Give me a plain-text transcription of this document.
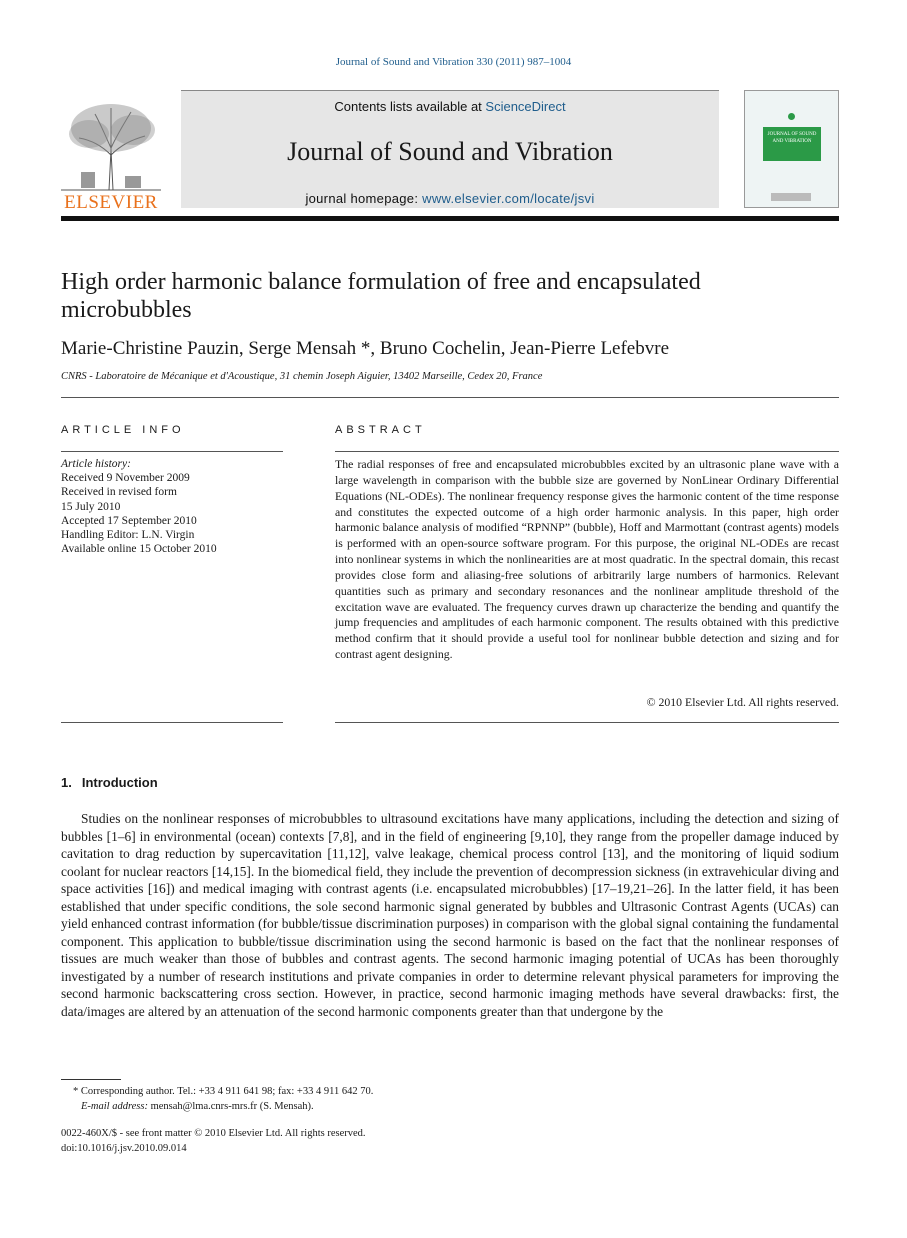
Journal of Sound and Vibration 330 (2011) 987–1004
ELSEVIER
Contents lists available at ScienceDirect
Journal of Sound and Vibration
journal homepage: www.elsevier.com/locate/jsvi
JOURNAL OF SOUND AND VIBRATION
High order harmonic balance formulation of free and encapsulated microbubbles
Marie-Christine Pauzin, Serge Mensah *, Bruno Cochelin, Jean-Pierre Lefebvre
CNRS - Laboratoire de Mécanique et d'Acoustique, 31 chemin Joseph Aiguier, 13402 Marseille, Cedex 20, France
ARTICLE INFO	ABSTRACT
Article history:
Received 9 November 2009
Received in revised form
15 July 2010
Accepted 17 September 2010
Handling Editor: L.N. Virgin
Available online 15 October 2010
The radial responses of free and encapsulated microbubbles excited by an ultrasonic plane wave with a large wavelength in comparison with the bubble size are governed by NonLinear Ordinary Differential Equations (NL-ODEs). The nonlinear frequency response gives the harmonic content of the time response and constitutes the expected outcome of a high order harmonic analysis. In this paper, high order harmonic balance analysis of modified “RPNNP” (bubble), Hoff and Marmottant (contrast agents) models is performed with an open-source software program. For this purpose, the original NL-ODEs are recast into nonlinear systems in which the nonlinearities are at most quadratic. In the spectral domain, this recast provides close form and aliasing-free solutions of arbitrarily large numbers of harmonics. Relevant quantities such as primary and secondary resonances and the nonlinear amplitude threshold of the excitation wave are evaluated. The frequency curves drawn up characterize the bending and quantify the jump frequencies and amplitudes of each harmonic component. The results obtained with this predictive method confirm that it should provide a useful tool for nonlinear bubble detection and sizing and for contrast agent designing.
© 2010 Elsevier Ltd. All rights reserved.
1. Introduction

Studies on the nonlinear responses of microbubbles to ultrasound excitations have many applications, including the detection and sizing of bubbles [1–6] in environmental (ocean) contexts [7,8], and in the field of engineering [9,10], they range from the propeller damage induced by cavitation to drag reduction by supercavitation [11,12], valve leakage, chemical process control [13], and the monitoring of liquid sodium coolant for nuclear reactors [14,15]. In the biomedical field, they include the prevention of decompression sickness (in extravehicular diving and space activities [16]) and medical imaging with contrast agents (i.e. encapsulated microbubbles) [17–19,21–26]. In the latter field, it has been established that under specific conditions, the sole second harmonic signal generated by bubbles and Ultrasonic Contrast Agents (UCAs) can yield enhanced contrast information (for bubble/tissue discrimination purposes) in comparison with the global signal containing the fundamental component. This application to bubble/tissue discrimination using the second harmonic is based on the fact that the nonlinear responses of tissues are much weaker than those of bubbles and contrast agents. The second harmonic imaging potential of UCAs has been thoroughly investigated by a number of research institutions and private companies in order to determine relevant physical parameters for improving the second harmonic backscattering cross section. However, in practice, second harmonic imaging methods have several drawbacks: first, the data/images are altered by an attenuation of the second harmonic components greater than that undergone by the

* Corresponding author. Tel.: +33 4 911 641 98; fax: +33 4 911 642 70.
E-mail address: mensah@lma.cnrs-mrs.fr (S. Mensah).
0022-460X/$ - see front matter © 2010 Elsevier Ltd. All rights reserved.
doi:10.1016/j.jsv.2010.09.014
